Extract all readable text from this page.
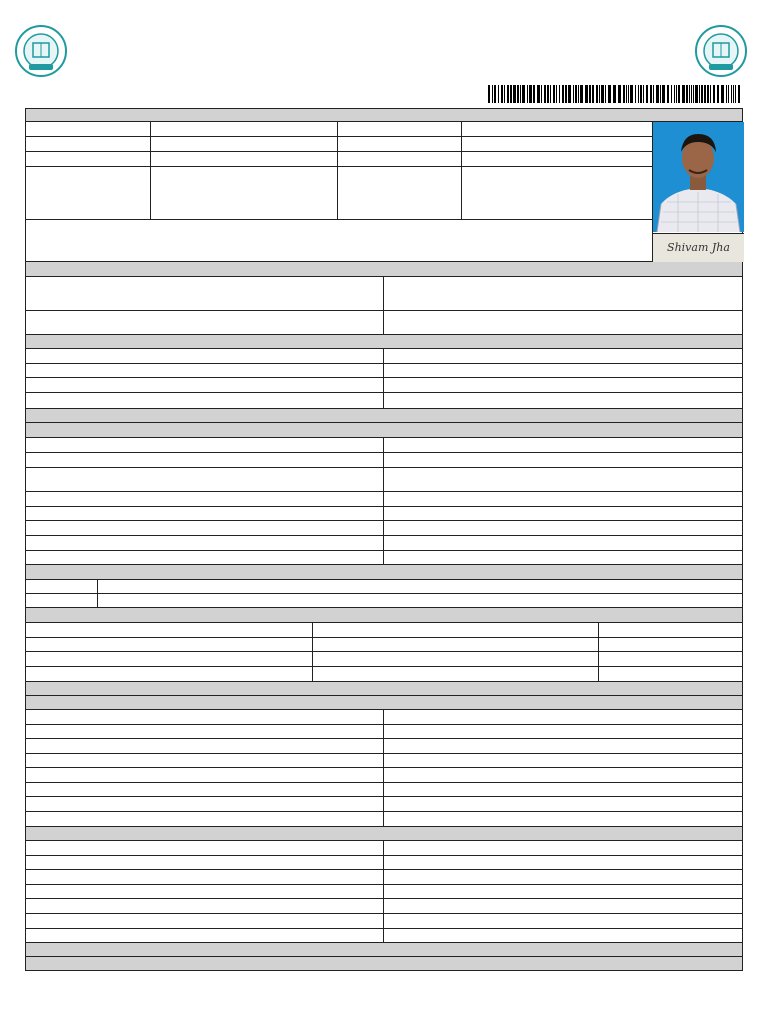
Shivam Jha
